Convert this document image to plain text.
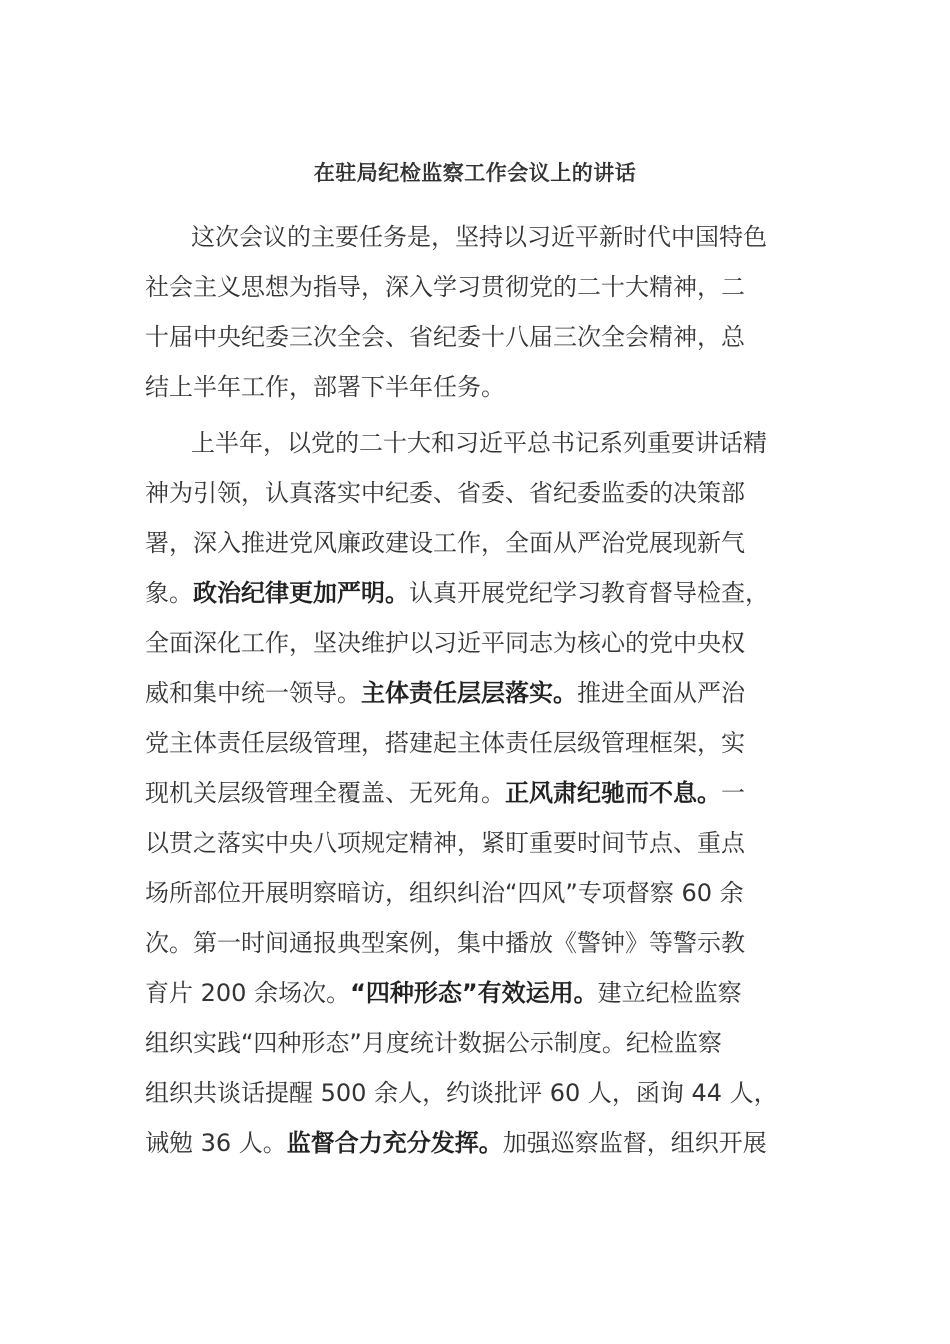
在驻局纪检监察工作会议上的讲话
这次会议的主要任务是，坚持以习近平新时代中国特色
社会主义思想为指导，深入学习贯彻党的二十大精神，二
十届中央纪委三次全会、省纪委十八届三次全会精神，总
结上半年工作，部署下半年任务。
上半年，以党的二十大和习近平总书记系列重要讲话精
神为引领，认真落实中纪委、省委、省纪委监委的决策部
署，深入推进党风廉政建设工作，全面从严治党展现新气
象。政治纪律更加严明。认真开展党纪学习教育督导检查，
全面深化工作，坚决维护以习近平同志为核心的党中央权
威和集中统一领导。主体责任层层落实。推进全面从严治
党主体责任层级管理，搭建起主体责任层级管理框架，实
现机关层级管理全覆盖、无死角。正风肃纪驰而不息。一
以贯之落实中央八项规定精神，紧盯重要时间节点、重点
场所部位开展明察暗访，组织纠治“四风”专项督察 60 余
次。第一时间通报典型案例，集中播放《警钟》等警示教
育片 200 余场次。“四种形态”有效运用。建立纪检监察
组织实践“四种形态”月度统计数据公示制度。纪检监察
组织共谈话提醒 500 余人，约谈批评 60 人，函询 44 人，
诫勉 36 人。监督合力充分发挥。加强巡察监督，组织开展
